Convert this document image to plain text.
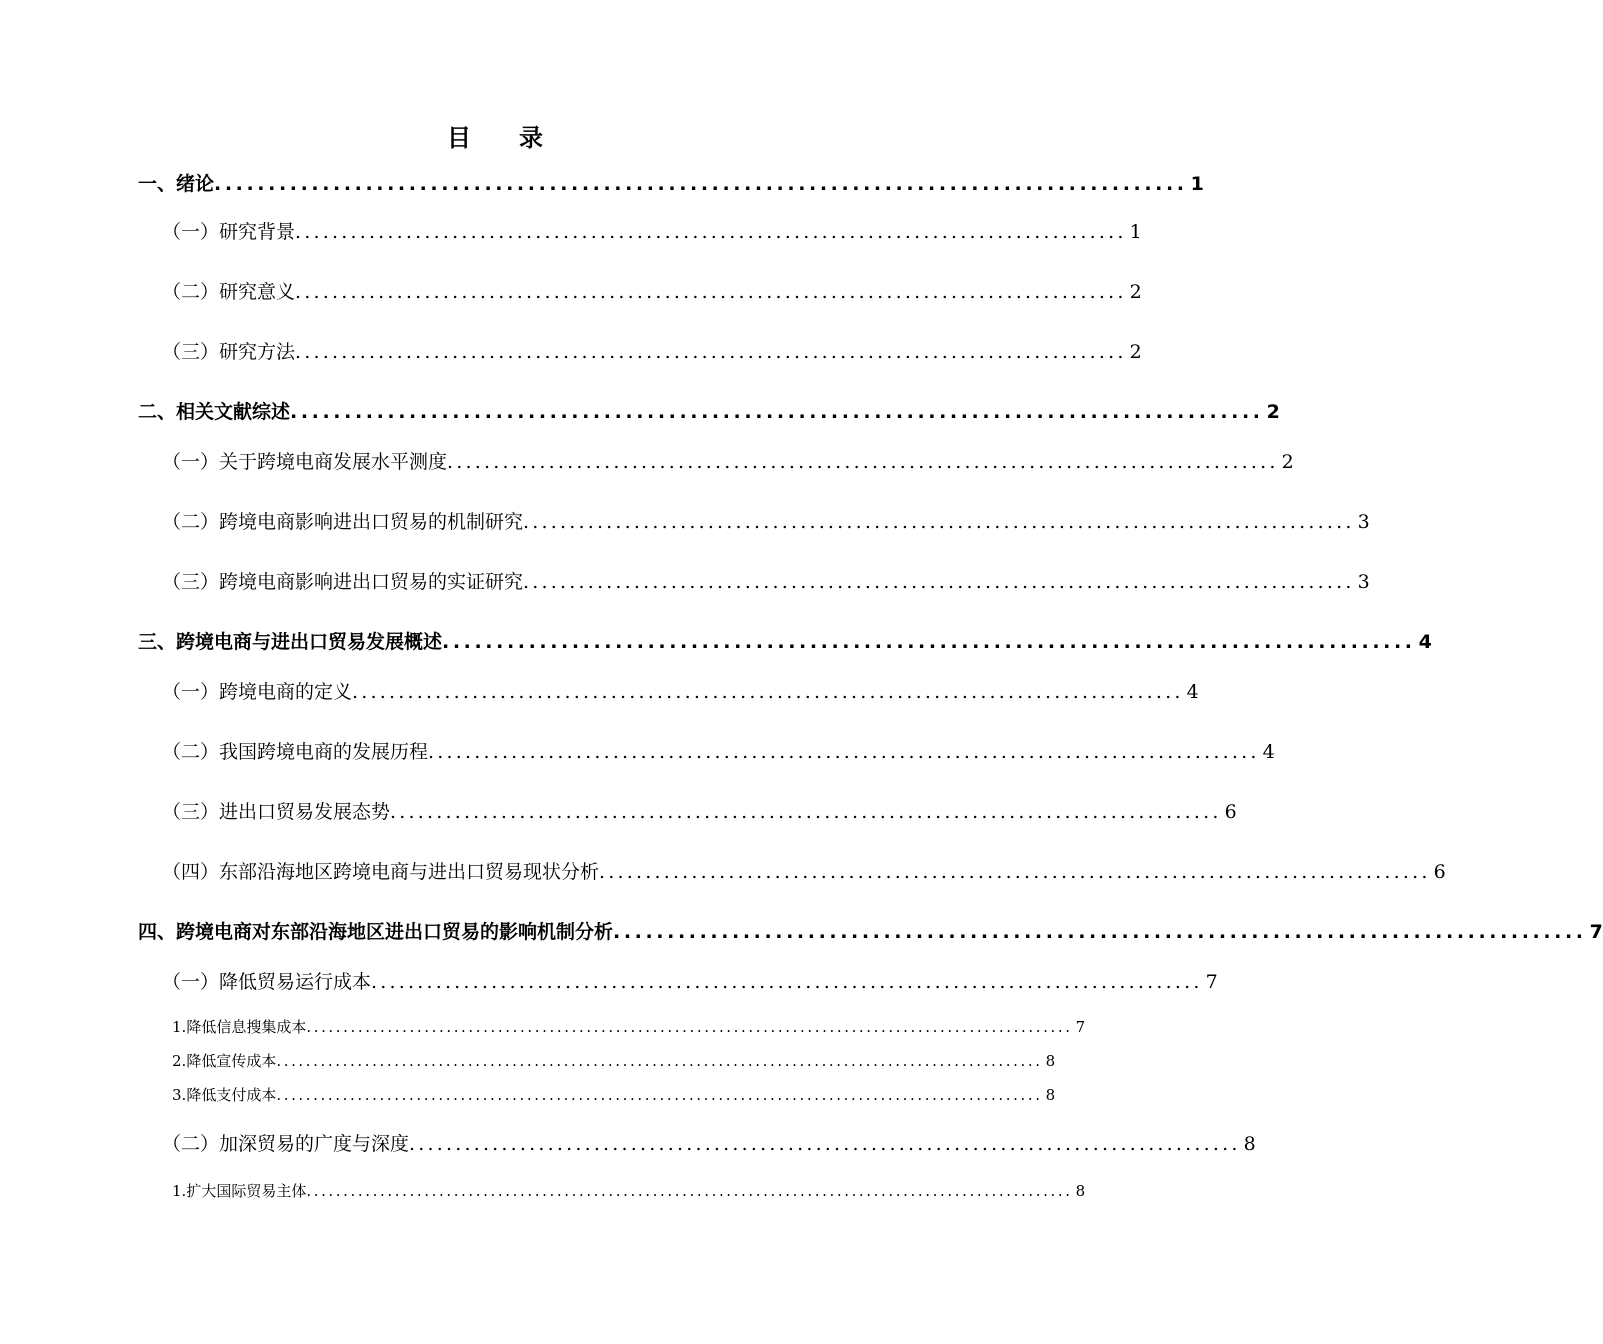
目 录
一、 绪论 .......................................................................................... 1
（一） 研究背景 .......................................................................................... 1
（二） 研究意义 .......................................................................................... 2
（三） 研究方法 .......................................................................................... 2
二、 相关文献综述 .......................................................................................... 2
（一） 关于跨境电商发展水平测度 .......................................................................................... 2
（二） 跨境电商影响进出口贸易的机制研究 .......................................................................................... 3
（三） 跨境电商影响进出口贸易的实证研究 .......................................................................................... 3
三、 跨境电商与进出口贸易发展概述 .......................................................................................... 4
（一） 跨境电商的定义 .......................................................................................... 4
（二） 我国跨境电商的发展历程 .......................................................................................... 4
（三） 进出口贸易发展态势 .......................................................................................... 6
（四） 东部沿海地区跨境电商与进出口贸易现状分析 .......................................................................................... 6
四、 跨境电商对东部沿海地区进出口贸易的影响机制分析 .......................................................................................... 7
（一） 降低贸易运行成本 .......................................................................................... 7
1. 降低信息搜集成本 ........................................................................................................ 7
2. 降低宣传成本 ........................................................................................................ 8
3. 降低支付成本 ........................................................................................................ 8
（二） 加深贸易的广度与深度 .......................................................................................... 8
1. 扩大国际贸易主体 ........................................................................................................ 8
